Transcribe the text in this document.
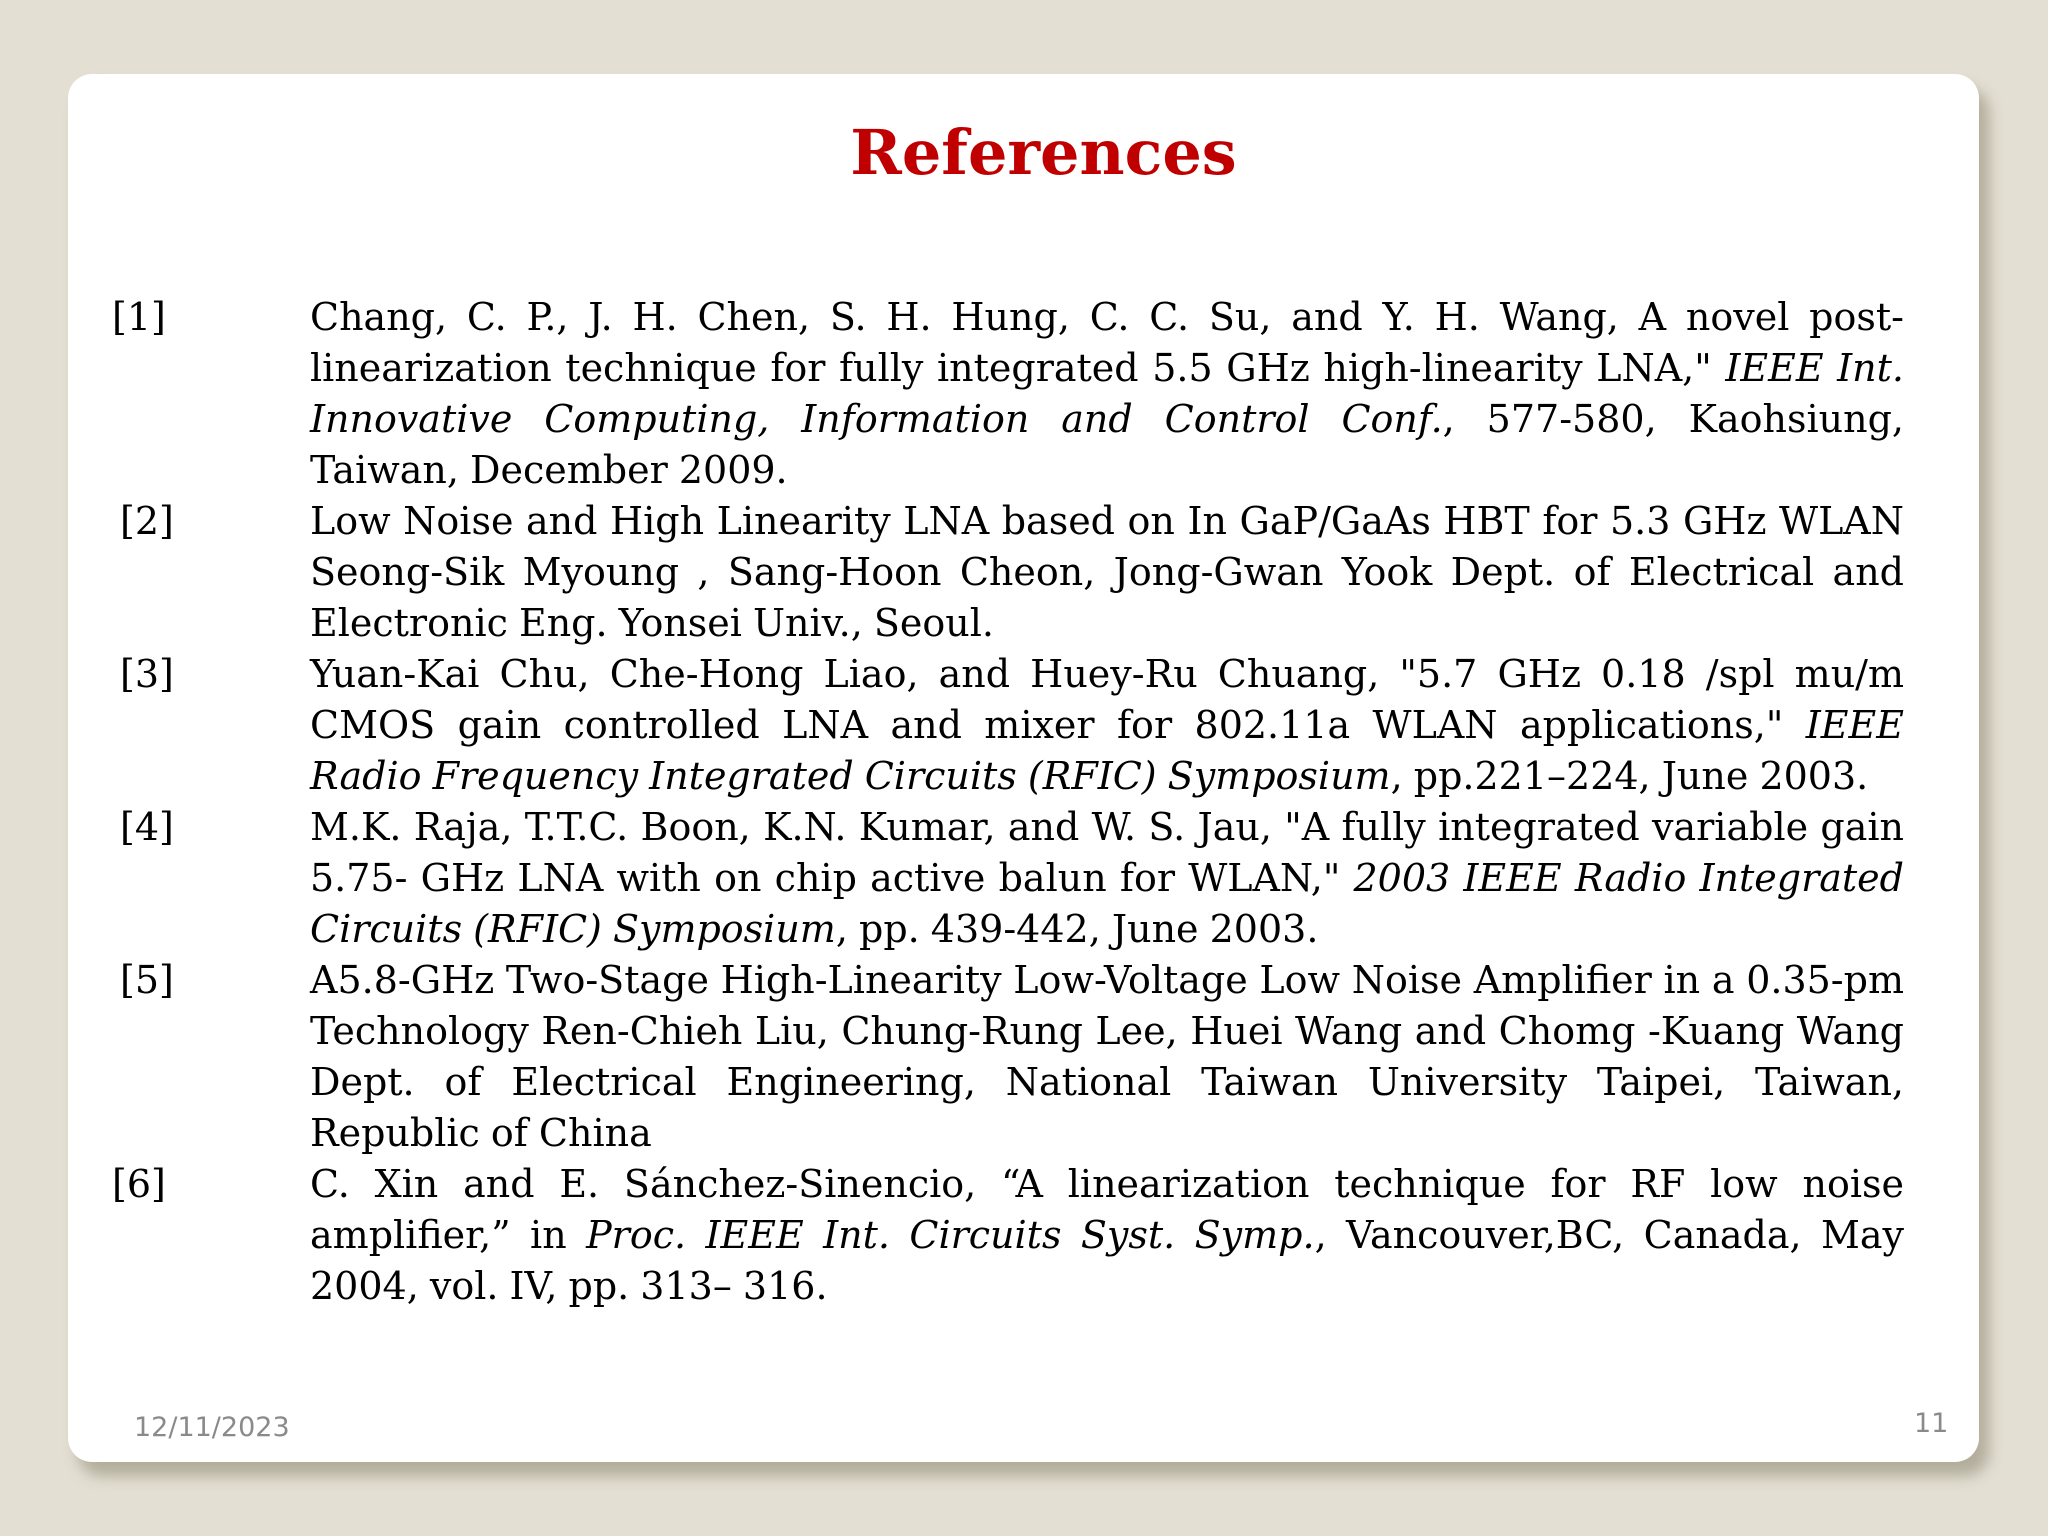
References
[1]	Chang, C. P., J. H. Chen, S. H. Hung, C. C. Su, and Y. H. Wang, A novel post-linearization technique for fully integrated 5.5 GHz high-linearity LNA," IEEE Int. Innovative Computing, Information and Control Conf., 577-580, Kaohsiung, Taiwan, December 2009.
[2]	Low Noise and High Linearity LNA based on In GaP/GaAs HBT for 5.3 GHz WLAN Seong-Sik Myoung , Sang-Hoon Cheon, Jong-Gwan Yook Dept. of Electrical and Electronic Eng. Yonsei Univ., Seoul.
[3]	Yuan-Kai Chu, Che-Hong Liao, and Huey-Ru Chuang, "5.7 GHz 0.18 /spl mu/m CMOS gain controlled LNA and mixer for 802.11a WLAN applications," IEEE Radio Frequency Integrated Circuits (RFIC) Symposium, pp.221–224, June 2003.
[4]	M.K. Raja, T.T.C. Boon, K.N. Kumar, and W. S. Jau, "A fully integrated variable gain 5.75- GHz LNA with on chip active balun for WLAN," 2003 IEEE Radio Integrated Circuits (RFIC) Symposium, pp. 439-442, June 2003.
[5]	A5.8-GHz Two-Stage High-Linearity Low-Voltage Low Noise Amplifier in a 0.35-pm Technology Ren-Chieh Liu, Chung-Rung Lee, Huei Wang and Chomg -Kuang Wang Dept. of Electrical Engineering, National Taiwan University Taipei, Taiwan, Republic of China
[6]	C. Xin and E. Sánchez-Sinencio, “A linearization technique for RF low noise amplifier,” in Proc. IEEE Int. Circuits Syst. Symp., Vancouver,BC, Canada, May 2004, vol. IV, pp. 313– 316.
12/11/2023	11
